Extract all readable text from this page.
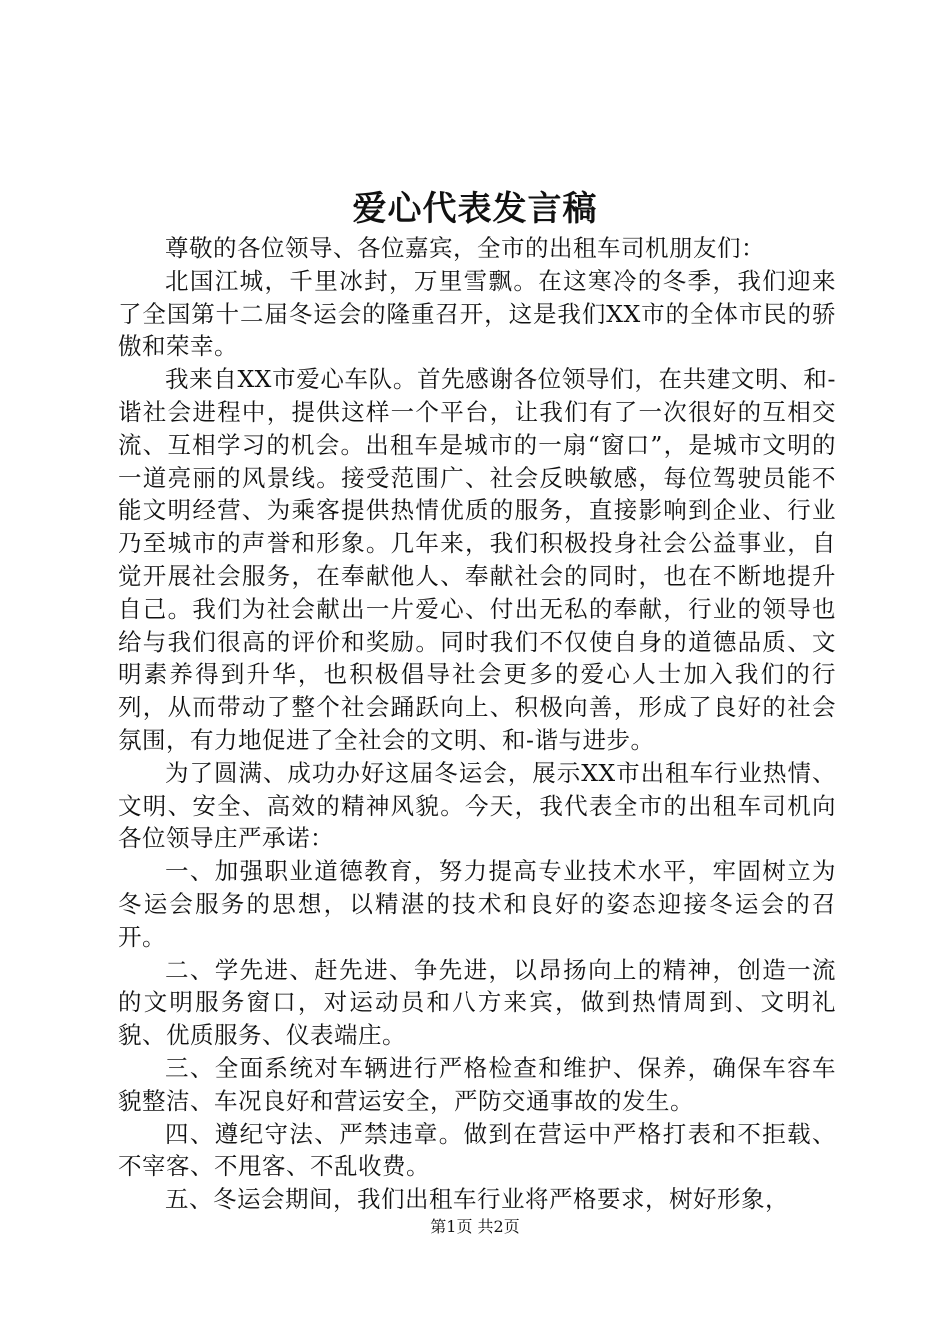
爱心代表发言稿

尊敬的各位领导、各位嘉宾，全市的出租车司机朋友们：

北国江城，千里冰封，万里雪飘。在这寒冷的冬季，我们迎来了全国第十二届冬运会的隆重召开，这是我们XX市的全体市民的骄傲和荣幸。

我来自XX市爱心车队。首先感谢各位领导们，在共建文明、和-谐社会进程中，提供这样一个平台，让我们有了一次很好的互相交流、互相学习的机会。出租车是城市的一扇“窗口”，是城市文明的一道亮丽的风景线。接受范围广、社会反映敏感，每位驾驶员能不能文明经营、为乘客提供热情优质的服务，直接影响到企业、行业乃至城市的声誉和形象。几年来，我们积极投身社会公益事业，自觉开展社会服务，在奉献他人、奉献社会的同时，也在不断地提升自己。我们为社会献出一片爱心、付出无私的奉献，行业的领导也给与我们很高的评价和奖励。同时我们不仅使自身的道德品质、文明素养得到升华，也积极倡导社会更多的爱心人士加入我们的行列，从而带动了整个社会踊跃向上、积极向善，形成了良好的社会氛围，有力地促进了全社会的文明、和-谐与进步。

为了圆满、成功办好这届冬运会，展示XX市出租车行业热情、文明、安全、高效的精神风貌。今天，我代表全市的出租车司机向各位领导庄严承诺：

一、加强职业道德教育，努力提高专业技术水平，牢固树立为冬运会服务的思想，以精湛的技术和良好的姿态迎接冬运会的召开。

二、学先进、赶先进、争先进，以昂扬向上的精神，创造一流的文明服务窗口，对运动员和八方来宾，做到热情周到、文明礼貌、优质服务、仪表端庄。

三、全面系统对车辆进行严格检查和维护、保养，确保车容车貌整洁、车况良好和营运安全，严防交通事故的发生。

四、遵纪守法、严禁违章。做到在营运中严格打表和不拒载、不宰客、不甩客、不乱收费。

五、冬运会期间，我们出租车行业将严格要求，树好形象，

第1页 共2页
